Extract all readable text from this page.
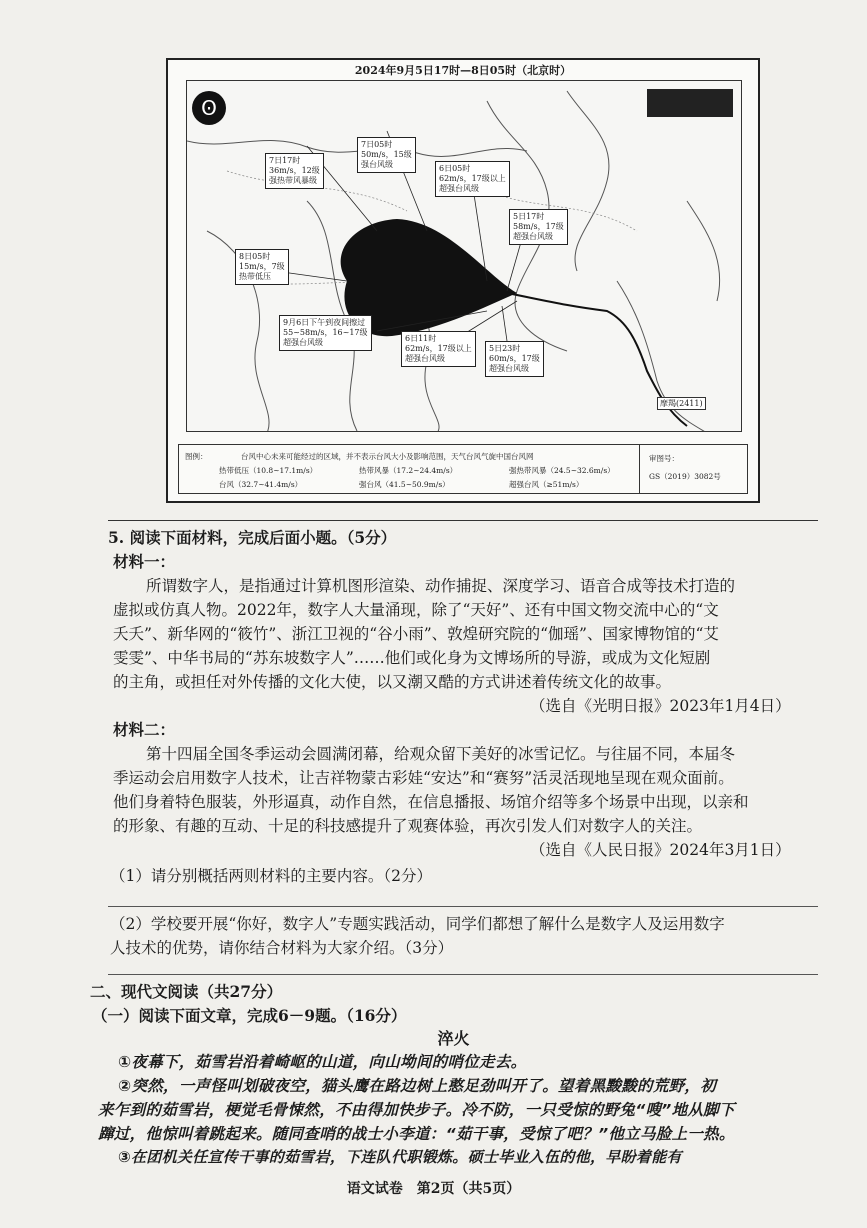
2024年9月5日17时—8日05时（北京时）
Ꙩ
7日17时
36m/s，12级
强热带风暴级
7日05时
50m/s，15级
强台风级	6日05时
62m/s，17级以上
超强台风级
5日17时
58m/s，17级
超强台风级
8日05时
15m/s，7级
热带低压
9月6日下午到夜间擦过
55~58m/s，16~17级
超强台风级	6日11时
62m/s，17级以上
超强台风级
5日23时
60m/s，17级
超强台风级
摩羯(2411)
图例：	台风中心未来可能经过的区域，并不表示台风大小及影响范围，天气台风气旋中国台风网
热带低压（10.8~17.1m/s）	热带风暴（17.2~24.4m/s）	强热带风暴（24.5~32.6m/s）
台风（32.7~41.4m/s）	强台风（41.5~50.9m/s）	超强台风（≥51m/s）
审图号：
GS（2019）3082号
5. 阅读下面材料，完成后面小题。（5分）
材料一：
所谓数字人，是指通过计算机图形渲染、动作捕捉、深度学习、语音合成等技术打造的
虚拟或仿真人物。2022年，数字人大量涌现，除了“天好”、还有中国文物交流中心的“文
夭夭”、新华网的“筱竹”、浙江卫视的“谷小雨”、敦煌研究院的“伽瑶”、国家博物馆的“艾
雯雯”、中华书局的“苏东坡数字人”……他们或化身为文博场所的导游，或成为文化短剧
的主角，或担任对外传播的文化大使，以又潮又酷的方式讲述着传统文化的故事。
（选自《光明日报》2023年1月4日）
材料二：
第十四届全国冬季运动会圆满闭幕，给观众留下美好的冰雪记忆。与往届不同，本届冬
季运动会启用数字人技术，让吉祥物蒙古彩娃“安达”和“赛努”活灵活现地呈现在观众面前。
他们身着特色服装，外形逼真，动作自然，在信息播报、场馆介绍等多个场景中出现，以亲和
的形象、有趣的互动、十足的科技感提升了观赛体验，再次引发人们对数字人的关注。
（选自《人民日报》2024年3月1日）
（1）请分别概括两则材料的主要内容。（2分）
（2）学校要开展“你好，数字人”专题实践活动，同学们都想了解什么是数字人及运用数字
人技术的优势，请你结合材料为大家介绍。（3分）
二、现代文阅读（共27分）
（一）阅读下面文章，完成6－9题。（16分）
淬火
①夜幕下，茹雪岩沿着崎岖的山道，向山坳间的哨位走去。
②突然，一声怪叫划破夜空，猫头鹰在路边树上憨足劲叫开了。望着黑黢黢的荒野，初
来乍到的茹雪岩，梗觉毛骨悚然，不由得加快步子。冷不防，一只受惊的野兔“嗖”地从脚下
蹿过，他惊叫着跳起来。随同查哨的战士小李道：“茹干事，受惊了吧？”他立马脸上一热。
③在团机关任宣传干事的茹雪岩，下连队代职锻炼。硕士毕业入伍的他，早盼着能有
语文试卷　第2页（共5页）
